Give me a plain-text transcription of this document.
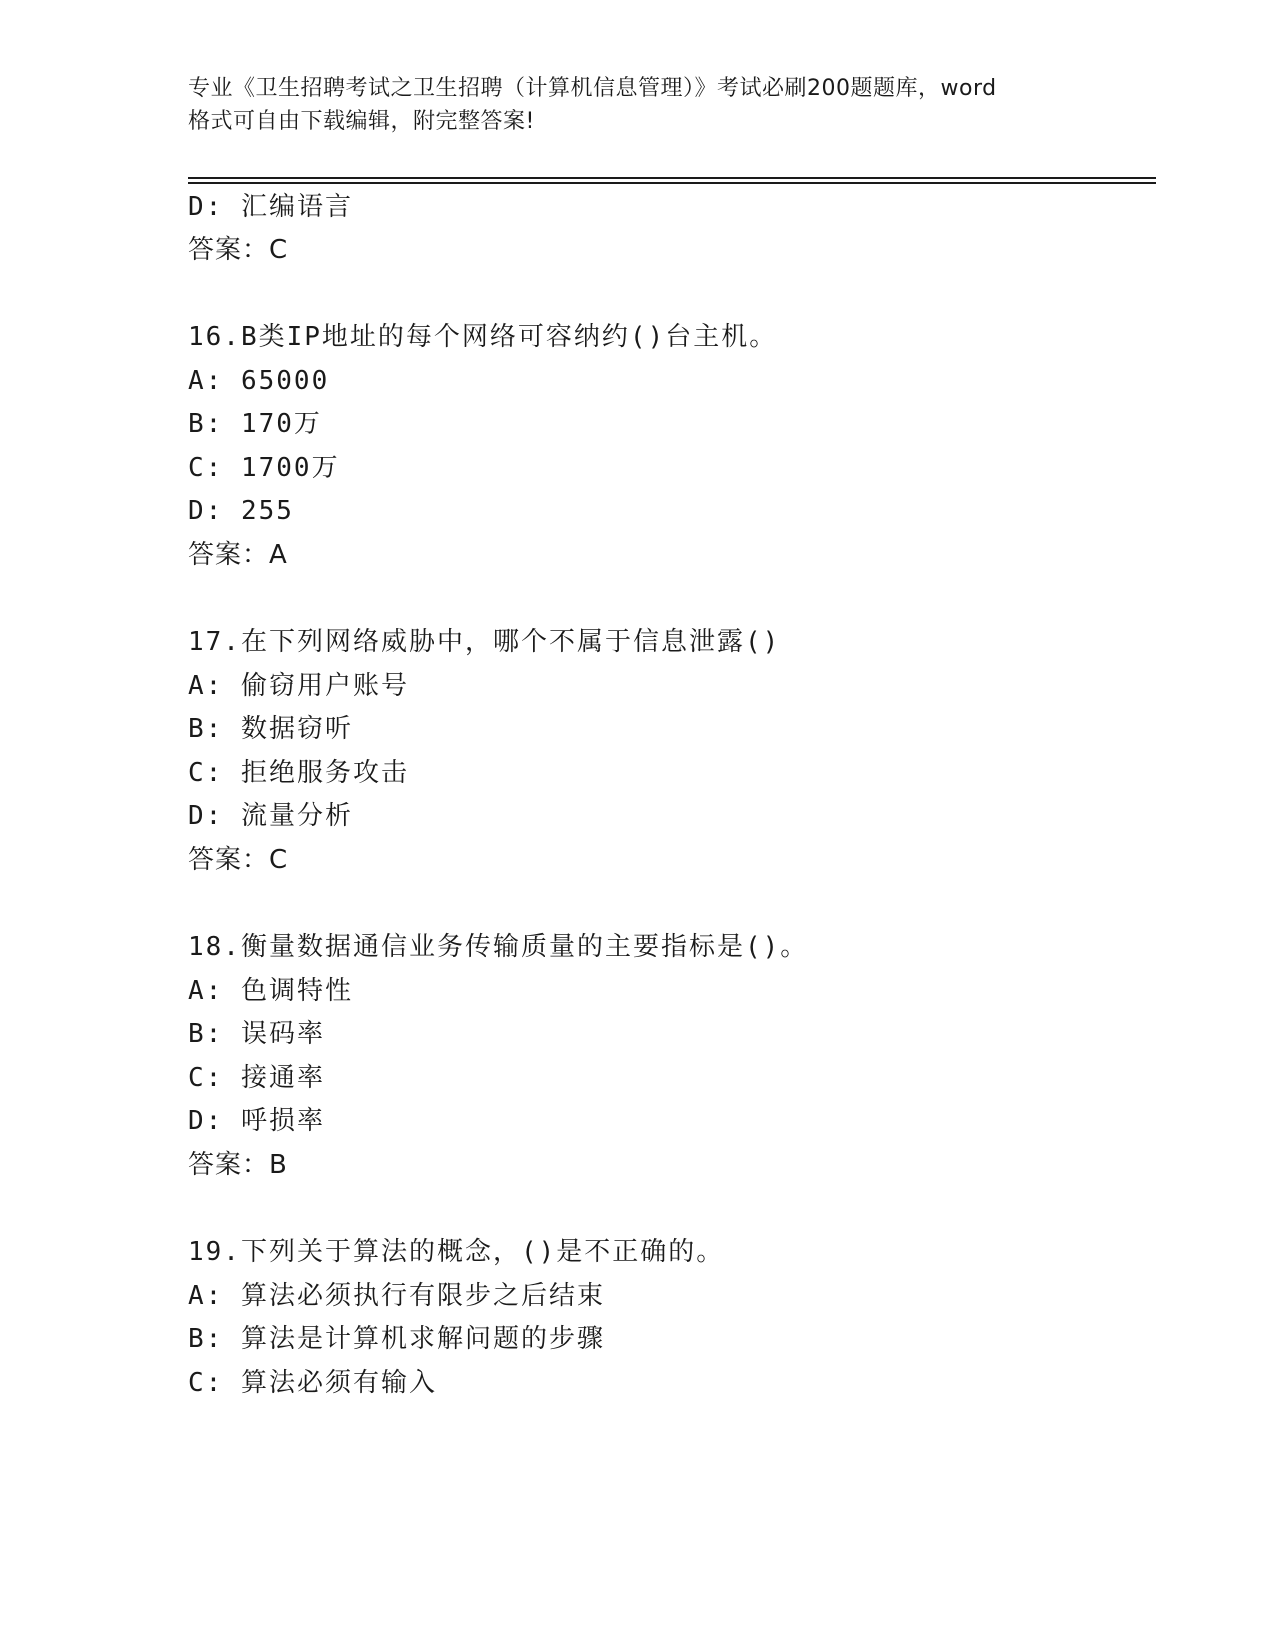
专业《卫生招聘考试之卫生招聘（计算机信息管理）》考试必刷200题题库，word
格式可自由下载编辑，附完整答案!
D: 汇编语言
答案：C
16.B类IP地址的每个网络可容纳约()台主机。
A: 65000
B: 170万
C: 1700万
D: 255
答案：A
17.在下列网络威胁中，哪个不属于信息泄露()
A: 偷窃用户账号
B: 数据窃听
C: 拒绝服务攻击
D: 流量分析
答案：C
18.衡量数据通信业务传输质量的主要指标是()。
A: 色调特性
B: 误码率
C: 接通率
D: 呼损率
答案：B
19.下列关于算法的概念，()是不正确的。
A: 算法必须执行有限步之后结束
B: 算法是计算机求解问题的步骤
C: 算法必须有输入
